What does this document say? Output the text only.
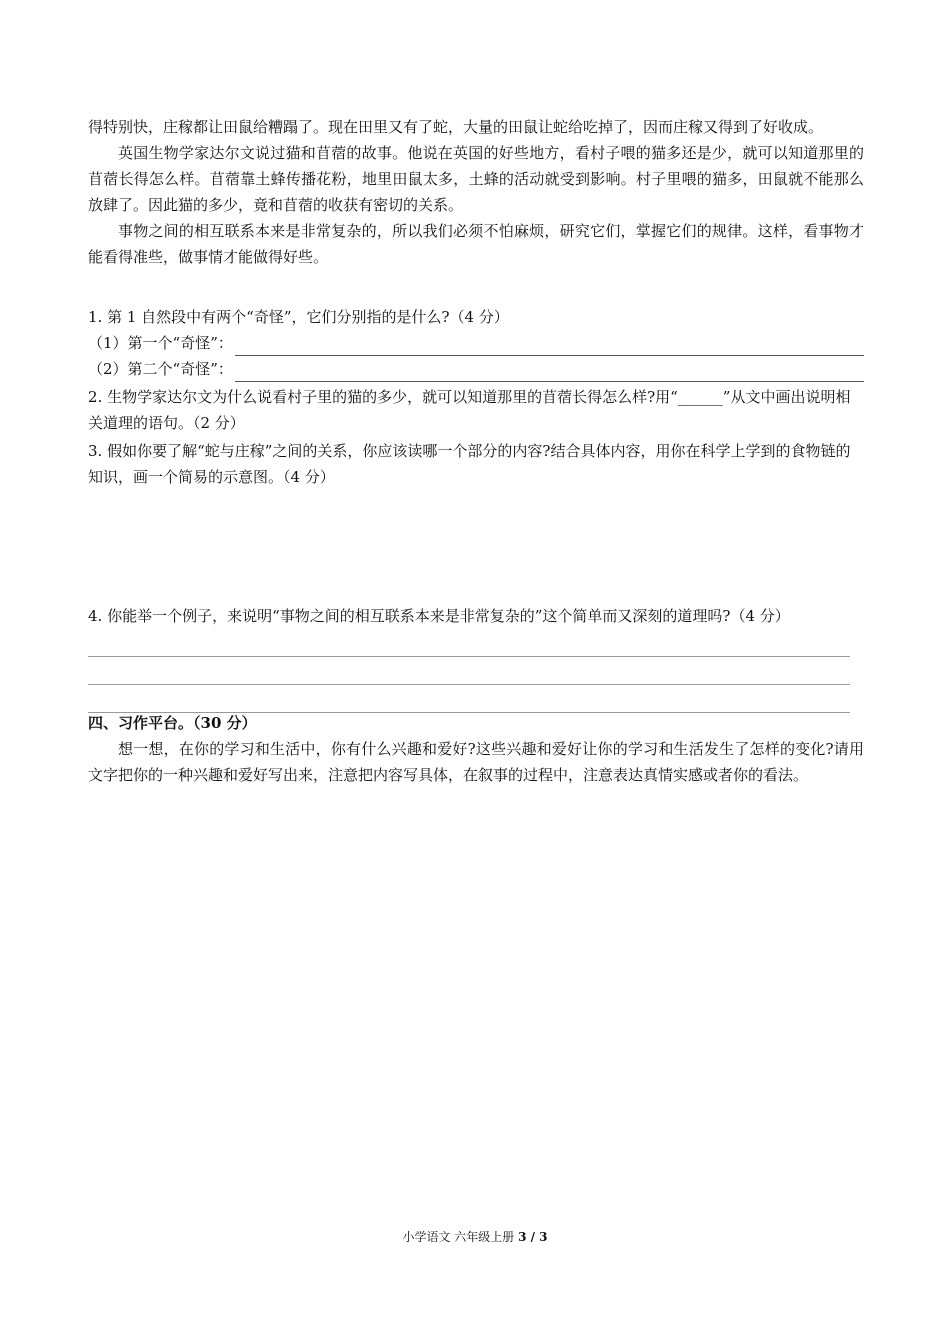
得特别快，庄稼都让田鼠给糟蹋了。现在田里又有了蛇，大量的田鼠让蛇给吃掉了，因而庄稼又得到了好收成。

英国生物学家达尔文说过猫和苜蓿的故事。他说在英国的好些地方，看村子喂的猫多还是少，就可以知道那里的苜蓿长得怎么样。苜蓿靠土蜂传播花粉，地里田鼠太多，土蜂的活动就受到影响。村子里喂的猫多，田鼠就不能那么放肆了。因此猫的多少，竟和苜蓿的收获有密切的关系。

事物之间的相互联系本来是非常复杂的，所以我们必须不怕麻烦，研究它们，掌握它们的规律。这样，看事物才能看得准些，做事情才能做得好些。

1. 第 1 自然段中有两个“奇怪”，它们分别指的是什么?（4 分）

（1）第一个“奇怪”：
（2）第二个“奇怪”：

2. 生物学家达尔文为什么说看村子里的猫的多少，就可以知道那里的苜蓿长得怎么样?用“______”从文中画出说明相关道理的语句。（2 分）

3. 假如你要了解“蛇与庄稼”之间的关系，你应该读哪一个部分的内容?结合具体内容，用你在科学上学到的食物链的知识，画一个简易的示意图。（4 分）

4. 你能举一个例子，来说明“事物之间的相互联系本来是非常复杂的”这个简单而又深刻的道理吗?（4 分）

四、习作平台。（30 分）

想一想，在你的学习和生活中，你有什么兴趣和爱好?这些兴趣和爱好让你的学习和生活发生了怎样的变化?请用文字把你的一种兴趣和爱好写出来，注意把内容写具体，在叙事的过程中，注意表达真情实感或者你的看法。

小学语文 六年级上册 3 / 3
